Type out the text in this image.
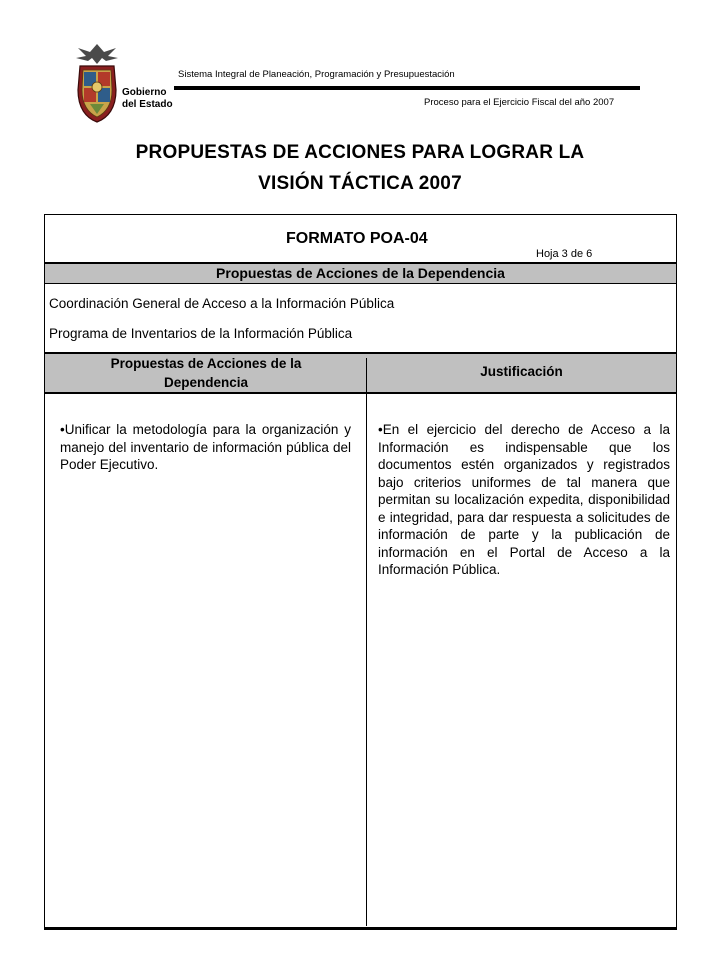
Gobierno del Estado
Sistema Integral de Planeación, Programación y Presupuestación
Proceso para el Ejercicio Fiscal del año 2007
PROPUESTAS DE ACCIONES PARA LOGRAR LA
VISIÓN TÁCTICA 2007
FORMATO POA-04
Hoja 3 de 6
Propuestas de Acciones de la Dependencia
Coordinación General de Acceso a la Información Pública
Programa de Inventarios de la Información Pública
Propuestas de Acciones de la
Dependencia
Justificación
•Unificar la metodología para la organización y manejo del inventario de información pública del Poder Ejecutivo.
•En el ejercicio del derecho de Acceso a la Información es indispensable que los documentos estén organizados y registrados bajo criterios uniformes de tal manera que permitan su localización expedita, disponibilidad e integridad, para dar respuesta a solicitudes de información de parte y la publicación de información en el Portal de Acceso a la Información Pública.
